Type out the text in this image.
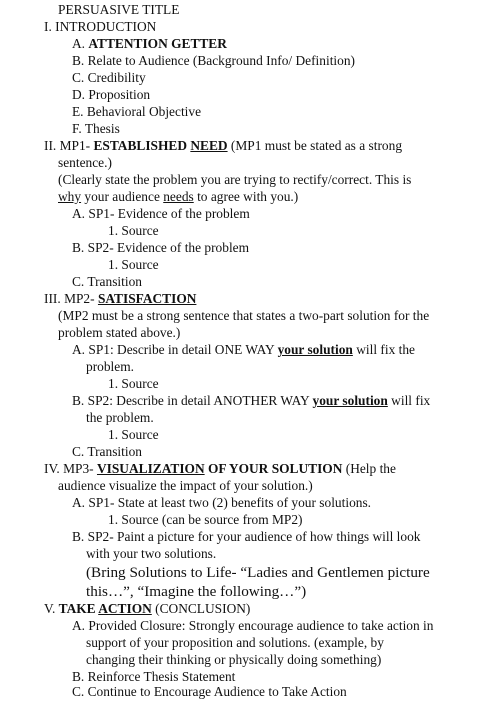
PERSUASIVE TITLE
I. INTRODUCTION
A. ATTENTION GETTER
B. Relate to Audience (Background Info/ Definition)
C. Credibility
D. Proposition
E. Behavioral Objective
F. Thesis
II. MP1- ESTABLISHED NEED (MP1 must be stated as a strong
sentence.)
(Clearly state the problem you are trying to rectify/correct. This is
why your audience needs to agree with you.)
A. SP1- Evidence of the problem
1. Source
B. SP2- Evidence of the problem
1. Source
C. Transition
III. MP2- SATISFACTION
(MP2 must be a strong sentence that states a two-part solution for the
problem stated above.)
A. SP1: Describe in detail ONE WAY your solution will fix the
problem.
1. Source
B. SP2: Describe in detail ANOTHER WAY your solution will fix
the problem.
1. Source
C. Transition
IV. MP3- VISUALIZATION OF YOUR SOLUTION (Help the
audience visualize the impact of your solution.)
A. SP1- State at least two (2) benefits of your solutions.
1. Source (can be source from MP2)
B. SP2- Paint a picture for your audience of how things will look
with your two solutions.
(Bring Solutions to Life- “Ladies and Gentlemen picture
this…”, “Imagine the following…”)
V. TAKE ACTION (CONCLUSION)
A. Provided Closure: Strongly encourage audience to take action in
support of your proposition and solutions. (example, by
changing their thinking or physically doing something)
B. Reinforce Thesis Statement
C. Continue to Encourage Audience to Take Action
